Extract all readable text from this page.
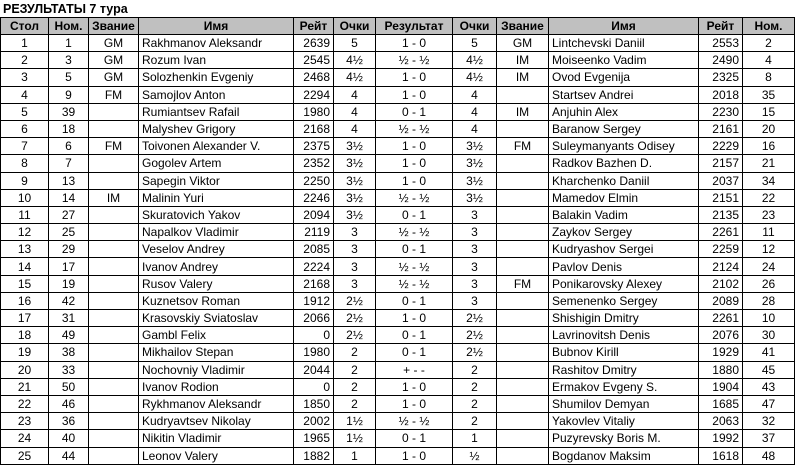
РЕЗУЛЬТАТЫ 7 тура
Стол	Ном.	Звание	Имя	Рейт	Очки	Результат	Очки	Звание	Имя	Рейт	Ном.
1	1	GM	Rakhmanov Aleksandr	2639	5	1 - 0	5	GM	Lintchevski Daniil	2553	2
2	3	GM	Rozum Ivan	2545	4½	½ - ½	4½	IM	Moiseenko Vadim	2490	4
3	5	GM	Solozhenkin Evgeniy	2468	4½	1 - 0	4½	IM	Ovod Evgenija	2325	8
4	9	FM	Samojlov Anton	2294	4	1 - 0	4		Startsev Andrei	2018	35
5	39		Rumiantsev Rafail	1980	4	0 - 1	4	IM	Anjuhin Alex	2230	15
6	18		Malyshev Grigory	2168	4	½ - ½	4		Baranow Sergey	2161	20
7	6	FM	Toivonen Alexander V.	2375	3½	1 - 0	3½	FM	Suleymanyants Odisey	2229	16
8	7		Gogolev Artem	2352	3½	1 - 0	3½		Radkov Bazhen D.	2157	21
9	13		Sapegin Viktor	2250	3½	1 - 0	3½		Kharchenko Daniil	2037	34
10	14	IM	Malinin Yuri	2246	3½	½ - ½	3½		Mamedov Elmin	2151	22
11	27		Skuratovich Yakov	2094	3½	0 - 1	3		Balakin Vadim	2135	23
12	25		Napalkov Vladimir	2119	3	½ - ½	3		Zaykov Sergey	2261	11
13	29		Veselov Andrey	2085	3	0 - 1	3		Kudryashov Sergei	2259	12
14	17		Ivanov Andrey	2224	3	½ - ½	3		Pavlov Denis	2124	24
15	19		Rusov Valery	2168	3	½ - ½	3	FM	Ponikarovsky Alexey	2102	26
16	42		Kuznetsov Roman	1912	2½	0 - 1	3		Semenenko Sergey	2089	28
17	31		Krasovskiy Sviatoslav	2066	2½	1 - 0	2½		Shishigin Dmitry	2261	10
18	49		Gambl Felix	0	2½	0 - 1	2½		Lavrinovitsh Denis	2076	30
19	38		Mikhailov Stepan	1980	2	0 - 1	2½		Bubnov Kirill	1929	41
20	33		Nochovniy Vladimir	2044	2	+ - -	2		Rashitov Dmitry	1880	45
21	50		Ivanov Rodion	0	2	1 - 0	2		Ermakov Evgeny S.	1904	43
22	46		Rykhmanov Aleksandr	1850	2	1 - 0	2		Shumilov Demyan	1685	47
23	36		Kudryavtsev Nikolay	2002	1½	½ - ½	2		Yakovlev Vitaliy	2063	32
24	40		Nikitin Vladimir	1965	1½	0 - 1	1		Puzyrevsky Boris M.	1992	37
25	44		Leonov Valery	1882	1	1 - 0	½		Bogdanov Maksim	1618	48
